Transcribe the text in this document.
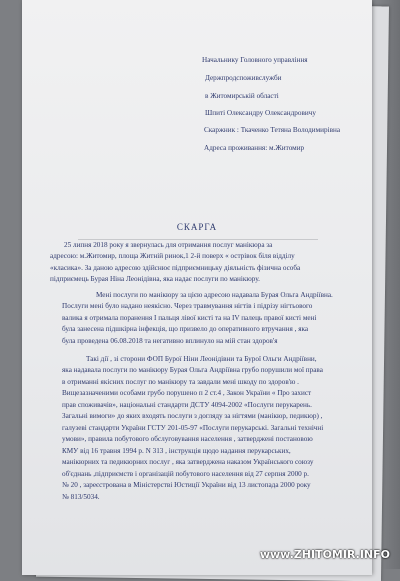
Начальнику Головного управління
Держпродспоживслужби
в Житомирській області
Шпиті Олександру Олександровичу
Скаржник : Ткаченко Тетяна Володимирівна
Адреса проживання: м.Житомир
СКАРГА
25 липня 2018 року я звернулась для отримання послуг манікюра за
адресою: м.Житомир, площа Житній ринок,1 2-й поверх « острівок біля відділу
«класика». За даною адресою здійснює підприємницьку діяльність фізична особа
підприємець Бурая Ніна Леонідівна, яка надає послуги по манікюру.
Мені послуги по манікюру за цією адресою надавала Бурая Ольга Андріївна.
Послуги мені було надано неякісно. Через травмування нігтів і підрізу нігтьового
валика я отримала поранення І пальця лівої кисті та на IV палець правої кисті мені
була занесена підшкірна інфекція, що призвело до оперативного втручання , яка
була проведена 06.08.2018 та негативно вплинуло на мій стан здоров'я
Такі дії , зі сторони ФОП Бурої Ніни Леонідівни та Бурої Ольги Андріївни,
яка надавала послуги по манікюру Бурая Ольга Андріївна грубо порушили мої права
в отриманні якісних послуг по манікюру та завдали мені шкоду по здоров'ю .
Вищезазначеними особами грубо порушено п 2 ст.4 , Закон України « Про захист
прав споживачів», національні стандарти ДСТУ 4094-2002 «Послуги перукарень.
Загальні вимоги» до яких входять послуги з догляду за нігтями (манікюр, педикюр) ,
галузеві стандарти України ГСТУ 201-05-97 «Послуги перукарські. Загальні технічні
умови», правила побутового обслуговування населення , затверджені постановою
КМУ від 16 травня 1994 р. N 313 , інструкція щодо надання перукарських,
манікюрних та педикюрних послуг , яка затверджена наказом Українського союзу
об'єднань ,підприємств і організацій побутового населення від 27 серпня 2000 р.
№ 20 , зареєстрована в Міністерстві Юстиції України від 13 листопада 2000 року
№ 813/5034.
www.ZHITOMIR.INFO
